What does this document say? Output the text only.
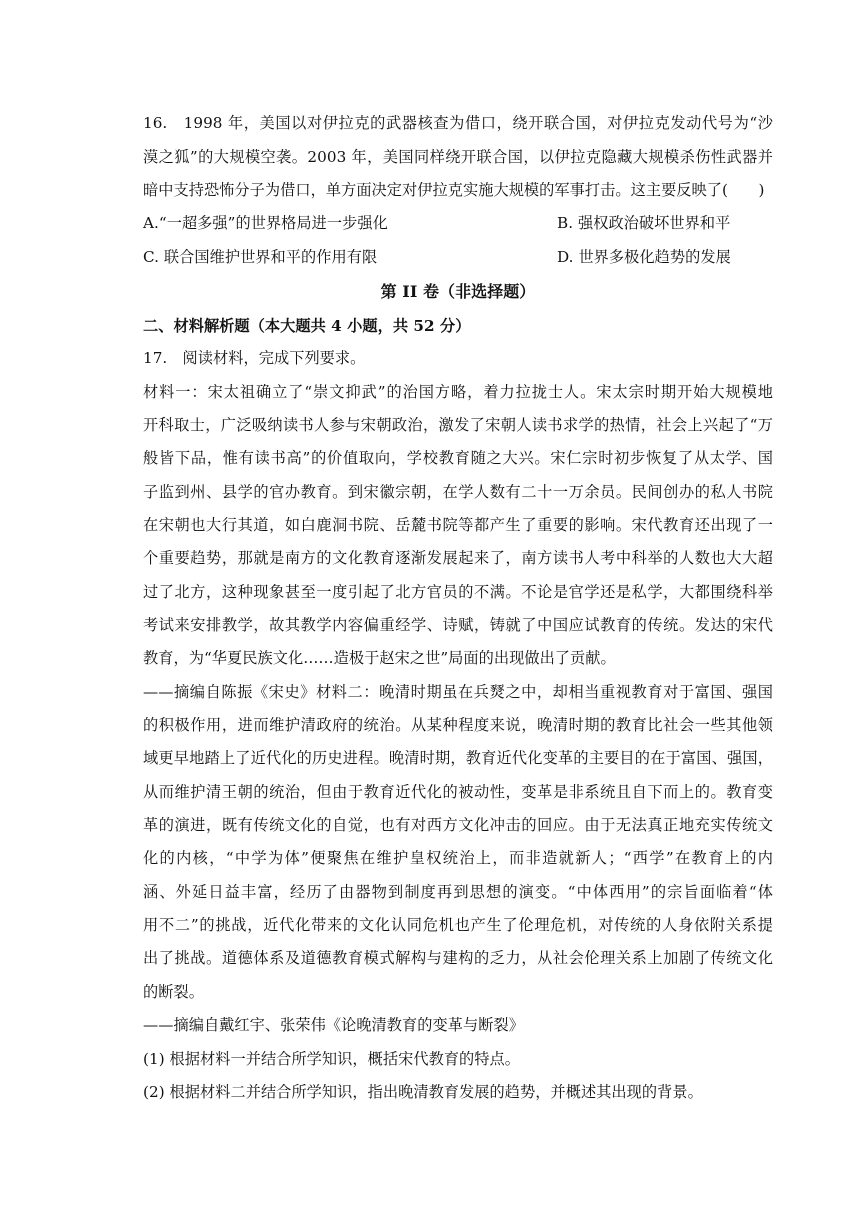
16.　1998 年，美国以对伊拉克的武器核查为借口，绕开联合国，对伊拉克发动代号为“沙
漠之狐”的大规模空袭。2003 年，美国同样绕开联合国，以伊拉克隐藏大规模杀伤性武器并
暗中支持恐怖分子为借口，单方面决定对伊拉克实施大规模的军事打击。这主要反映了(　　)
A.“一超多强”的世界格局进一步强化	B. 强权政治破坏世界和平
C. 联合国维护世界和平的作用有限	D. 世界多极化趋势的发展
第 II 卷（非选择题）
二、材料解析题（本大题共 4 小题，共 52 分）
17.　阅读材料，完成下列要求。
材料一：宋太祖确立了“崇文抑武”的治国方略，着力拉拢士人。宋太宗时期开始大规模地
开科取士，广泛吸纳读书人参与宋朝政治，激发了宋朝人读书求学的热情，社会上兴起了“万
般皆下品，惟有读书高”的价值取向，学校教育随之大兴。宋仁宗时初步恢复了从太学、国
子监到州、县学的官办教育。到宋徽宗朝，在学人数有二十一万余员。民间创办的私人书院
在宋朝也大行其道，如白鹿洞书院、岳麓书院等都产生了重要的影响。宋代教育还出现了一
个重要趋势，那就是南方的文化教育逐渐发展起来了，南方读书人考中科举的人数也大大超
过了北方，这种现象甚至一度引起了北方官员的不满。不论是官学还是私学，大都围绕科举
考试来安排教学，故其教学内容偏重经学、诗赋，铸就了中国应试教育的传统。发达的宋代
教育，为“华夏民族文化……造极于赵宋之世”局面的出现做出了贡献。
——摘编自陈振《宋史》材料二：晚清时期虽在兵燹之中，却相当重视教育对于富国、强国
的积极作用，进而维护清政府的统治。从某种程度来说，晚清时期的教育比社会一些其他领
域更早地踏上了近代化的历史进程。晚清时期，教育近代化变革的主要目的在于富国、强国，
从而维护清王朝的统治，但由于教育近代化的被动性，变革是非系统且自下而上的。教育变
革的演进，既有传统文化的自觉，也有对西方文化冲击的回应。由于无法真正地充实传统文
化的内核，“中学为体”便聚焦在维护皇权统治上，而非造就新人；“西学”在教育上的内
涵、外延日益丰富，经历了由器物到制度再到思想的演变。“中体西用”的宗旨面临着“体
用不二”的挑战，近代化带来的文化认同危机也产生了伦理危机，对传统的人身依附关系提
出了挑战。道德体系及道德教育模式解构与建构的乏力，从社会伦理关系上加剧了传统文化
的断裂。
——摘编自戴红宇、张荣伟《论晚清教育的变革与断裂》
(1) 根据材料一并结合所学知识，概括宋代教育的特点。
(2) 根据材料二并结合所学知识，指出晚清教育发展的趋势，并概述其出现的背景。
